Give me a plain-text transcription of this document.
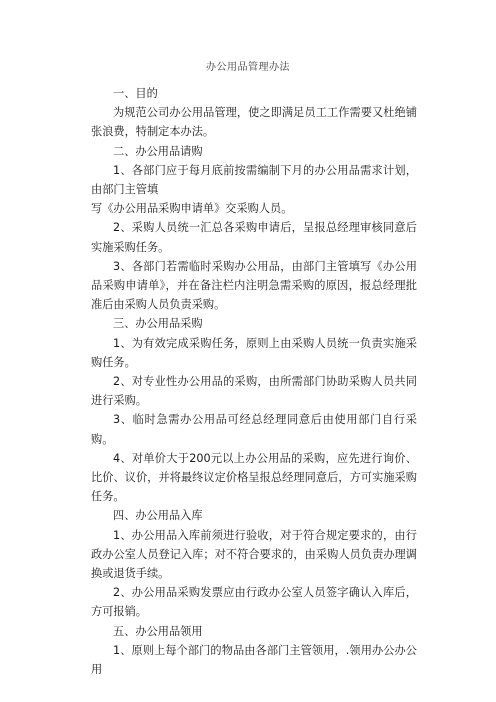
办公用品管理办法

一、目的

为规范公司办公用品管理，使之即满足员工工作需要又杜绝铺张浪费，特制定本办法。

二、办公用品请购

1、各部门应于每月底前按需编制下月的办公用品需求计划，由部门主管填

写《办公用品采购申请单》交采购人员。

2、采购人员统一汇总各采购申请后，呈报总经理审核同意后实施采购任务。

3、各部门若需临时采购办公用品，由部门主管填写《办公用品采购申请单》，并在备注栏内注明急需采购的原因，报总经理批准后由采购人员负责采购。

三、办公用品采购

1、为有效完成采购任务，原则上由采购人员统一负责实施采购任务。

2、对专业性办公用品的采购，由所需部门协助采购人员共同进行采购。

3、临时急需办公用品可经总经理同意后由使用部门自行采购。

4、对单价大于200元以上办公用品的采购，应先进行询价、比价、议价，并将最终议定价格呈报总经理同意后，方可实施采购任务。

四、办公用品入库

1、办公用品入库前须进行验收，对于符合规定要求的，由行政办公室人员登记入库；对不符合要求的，由采购人员负责办理调换或退货手续。

2、办公用品采购发票应由行政办公室人员签字确认入库后，方可报销。

五、办公用品领用

1、原则上每个部门的物品由各部门主管领用，.领用办公办公用
